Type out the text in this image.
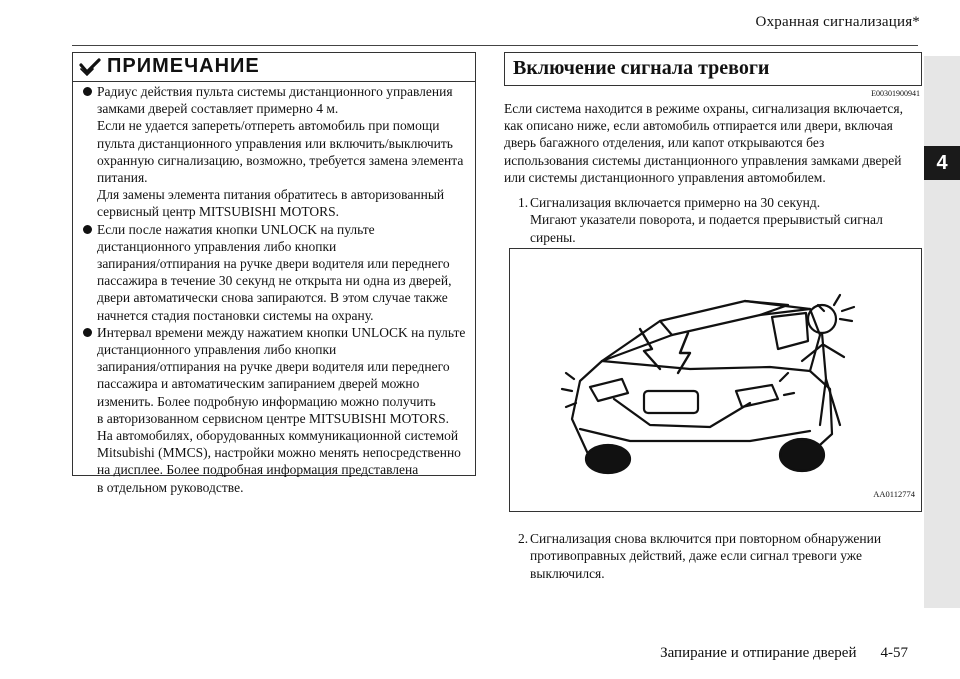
Охранная сигнализация*
4
ПРИМЕЧАНИЕ
Радиус действия пульта системы дистанционного управления
замками дверей составляет примерно 4 м.
Если не удается запереть/отпереть автомобиль при помощи
пульта дистанционного управления или включить/выключить
охранную сигнализацию, возможно, требуется замена элемента
питания.
Для замены элемента питания обратитесь в авторизованный
сервисный центр MITSUBISHI MOTORS.
Если после нажатия кнопки UNLOCK на пульте
дистанционного управления либо кнопки
запирания/отпирания на ручке двери водителя или переднего
пассажира в течение 30 секунд не открыта ни одна из дверей,
двери автоматически снова запираются. В этом случае также
начнется стадия постановки системы на охрану.
Интервал времени между нажатием кнопки UNLOCK на пульте
дистанционного управления либо кнопки
запирания/отпирания на ручке двери водителя или переднего
пассажира и автоматическим запиранием дверей можно
изменить. Более подробную информацию можно получить
в авторизованном сервисном центре MITSUBISHI MOTORS.
На автомобилях, оборудованных коммуникационной системой
Mitsubishi (MMCS), настройки можно менять непосредственно
на дисплее. Более подробная информация представлена
в отдельном руководстве.
Включение сигнала тревоги
E00301900941
Если система находится в режиме охраны, сигнализация включается,
как описано ниже, если автомобиль отпирается или двери, включая
дверь багажного отделения, или капот открываются без
использования системы дистанционного управления замками дверей
или системы дистанционного управления автомобилем.
1. Сигнализация включается примерно на 30 секунд.
Мигают указатели поворота, и подается прерывистый сигнал
сирены.
AA0112774
2. Сигнализация снова включится при повторном обнаружении
противоправных действий, даже если сигнал тревоги уже
выключился.
Запирание и отпирание дверей 4-57
